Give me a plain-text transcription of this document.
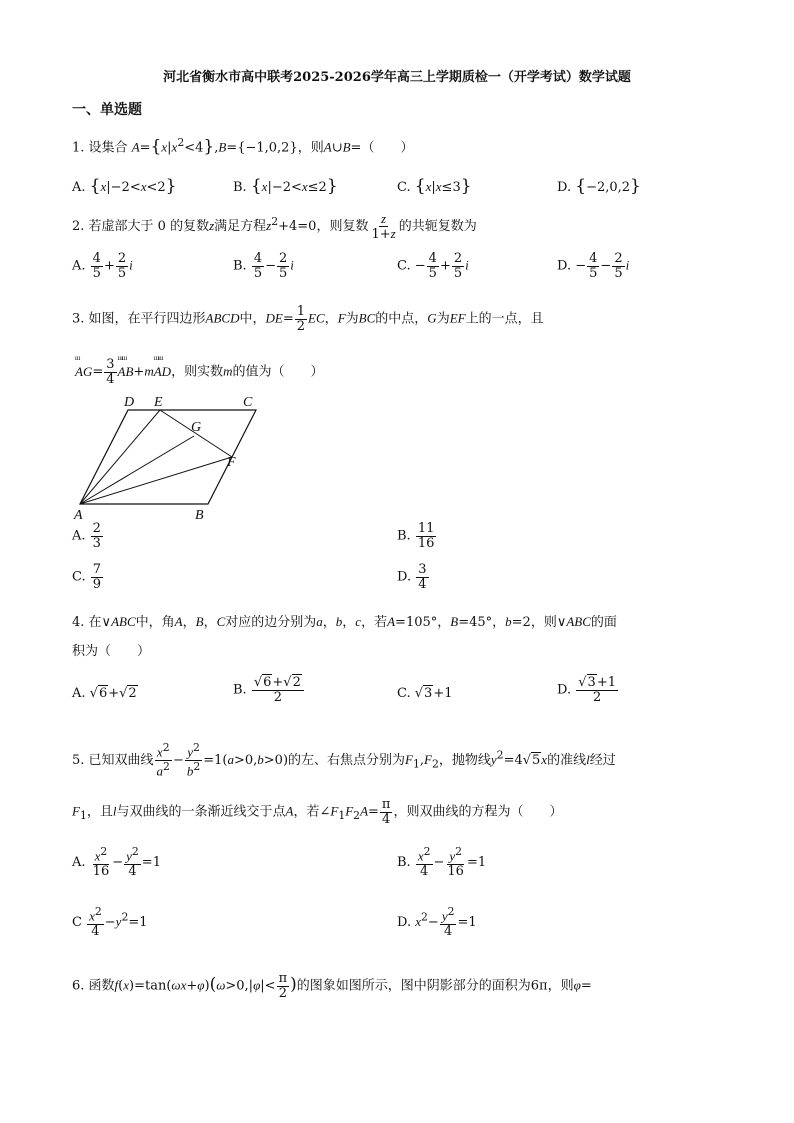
河北省衡水市高中联考2025-2026学年高三上学期质检一（开学考试）数学试题
一、单选题
1. 设集合 $A=\{x|x^2<4\},B=\{-1,0,2\}$，则A∪B=（　　）
A. {x|−2<x<2}	B. {x|−2<x≤2}	C. {x|x≤3}	D. {−2,0,2}
2. 若虚部大于 0 的复数z满足方程$z^2+4=0$，则复数 $\frac{z}{1+z}$ 的共轭复数为
A. $\frac{4}{5} + \frac{2}{5}$ i	B. $\frac{4}{5} - \frac{2}{5}$ i	C. − $\frac{4}{5} + \frac{2}{5}$ i	D. − $\frac{4}{5} - \frac{2}{5}$ i
3. 如图，在平行四边形ABCD中，$DE= \frac{1}{2}$ EC，F为BC的中点，G为EF上的一点，且
ш
$AG= \frac{3}{4}$
шш
AB+m
шш
AD，则实数m的值为（　　）
D E	C
G
F
A	B
A. $\frac{2}{3}$	B. $\frac{11}{16}$
C. $\frac{7}{9}$	D. $\frac{3}{4}$
4. 在∨ABC中，角A，B，C对应的边分别为a，b，c，若A=105°，B=45°，b=2，则∨ABC的面
积为（　　）
A. √6+√2	B. $\frac{√6+√2}{2}$	C. √3+1	D. $\frac{√3+1}{2}$
5. 已知双曲线 $\frac{x^2}{a^2} - \frac{y^2}{b^2} =1(a>0,b>0)$的左、右焦点分别为$F_1,F_2$，抛物线$y^2=4√5x$的准线l经过
$F_1$，且l与双曲线的一条渐近线交于点A，若$\angle F_1F_2A= \frac{\pi}{4}$ ，则双曲线的方程为（　　）
A. $\frac{x^2}{16} - \frac{y^2}{4} =1$	B. $\frac{x^2}{4} - \frac{y^2}{16} =1$
C $\frac{x^2}{4} -y^2=1$	D. $x^2- \frac{y^2}{4} =1$
6. 函数$f(x)=\tan(\omega x+\varphi)(\omega>0,|\varphi|< \frac{\pi}{2}$ )的图象如图所示，图中阴影部分的面积为6π，则φ=
